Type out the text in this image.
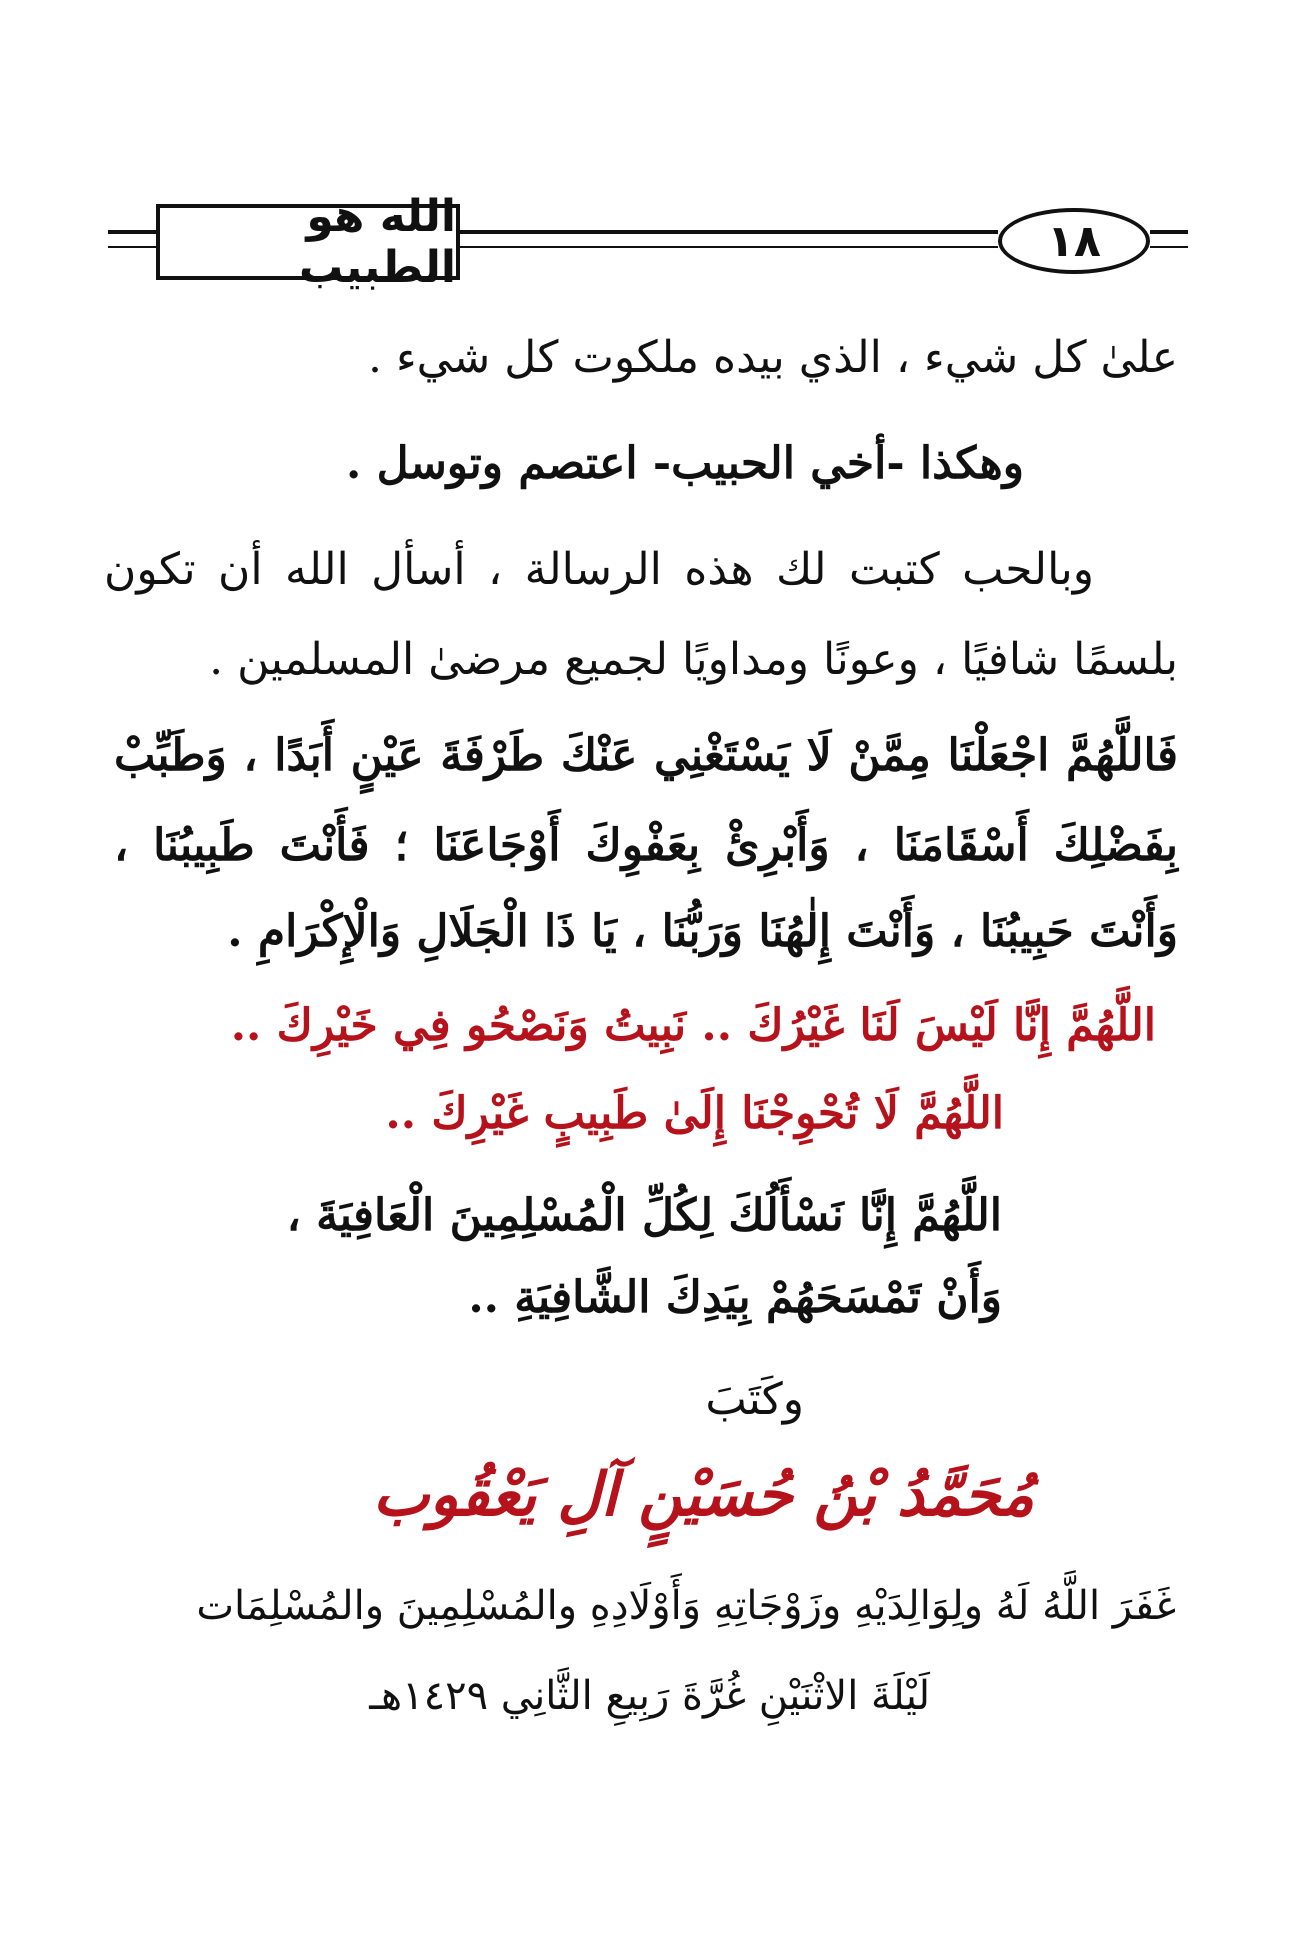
الله هو الطبيب
١٨
علىٰ كل شيء ، الذي بيده ملكوت كل شيء .
وهكذا -أخي الحبيب- اعتصم وتوسل .
وبالحب كتبت لك هذه الرسالة ، أسأل الله أن تكون
بلسمًا شافيًا ، وعونًا ومداويًا لجميع مرضىٰ المسلمين .
فَاللَّهُمَّ اجْعَلْنَا مِمَّنْ لَا يَسْتَغْنِي عَنْكَ طَرْفَةَ عَيْنٍ أَبَدًا ، وَطَبِّبْ
بِفَضْلِكَ أَسْقَامَنَا ، وَأَبْرِئْ بِعَفْوِكَ أَوْجَاعَنَا ؛ فَأَنْتَ طَبِيبُنَا ،
وَأَنْتَ حَبِيبُنَا ، وَأَنْتَ إِلٰهُنَا وَرَبُّنَا ، يَا ذَا الْجَلَالِ وَالْإِكْرَامِ .
اللَّهُمَّ إِنَّا لَيْسَ لَنَا غَيْرُكَ .. نَبِيتُ وَنَصْحُو فِي خَيْرِكَ ..
اللَّهُمَّ لَا تُحْوِجْنَا إِلَىٰ طَبِيبٍ غَيْرِكَ ..
اللَّهُمَّ إِنَّا نَسْأَلُكَ لِكُلِّ الْمُسْلِمِينَ الْعَافِيَةَ ،
وَأَنْ تَمْسَحَهُمْ بِيَدِكَ الشَّافِيَةِ ..
وكَتَبَ
مُحَمَّدُ بْنُ حُسَيْنٍ آلِ يَعْقُوب
غَفَرَ اللَّهُ لَهُ ولِوَالِدَيْهِ وزَوْجَاتِهِ وَأَوْلَادِهِ والمُسْلِمِينَ والمُسْلِمَات
لَيْلَةَ الاثْنَيْنِ غُرَّةَ رَبِيعِ الثَّانِي ١٤٢٩هـ
